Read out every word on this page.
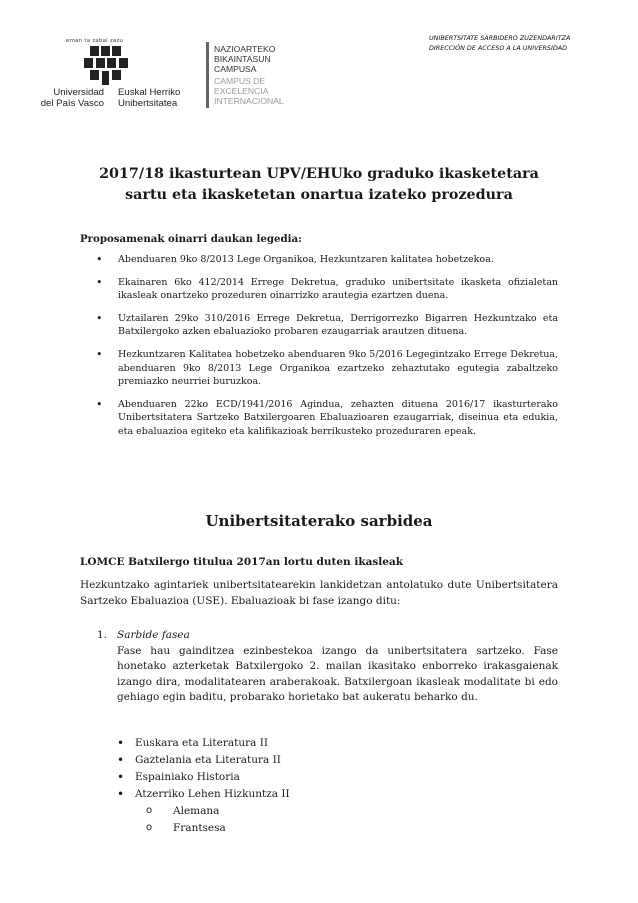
eman ta zabal zazu
Universidad
del País Vasco
Euskal Herriko
Unibertsitatea
NAZIOARTEKO
BIKAINTASUN
CAMPUSA
CAMPUS DE
EXCELENCIA
INTERNACIONAL
UNIBERTSITATE SARBIDERO ZUZENDARITZA
DIRECCIÓN DE ACCESO A LA UNIVERSIDAD
2017/18 ikasturtean UPV/EHUko graduko ikasketetara
sartu eta ikasketetan onartua izateko prozedura
Proposamenak oinarri daukan legedia:
• Abenduaren 9ko 8/2013 Lege Organikoa, Hezkuntzaren kalitatea hobetzekoa.
• Ekainaren 6ko 412/2014 Errege Dekretua, graduko unibertsitate ikasketa ofizialetan ikasleak onartzeko prozeduren oinarrizko arautegia ezartzen duena.
• Uztailaren 29ko 310/2016 Errege Dekretua, Derrigorrezko Bigarren Hezkuntzako eta Batxilergoko azken ebaluazioko probaren ezaugarriak arautzen dituena.
• Hezkuntzaren Kalitatea hobetzeko abenduaren 9ko 5/2016 Legegintzako Errege Dekretua, abenduaren 9ko 8/2013 Lege Organikoa ezartzeko zehaztutako egutegia zabaltzeko premiazko neurriei buruzkoa.
• Abenduaren 22ko ECD/1941/2016 Agindua, zehazten dituena 2016/17 ikasturterako Unibertsitatera Sartzeko Batxilergoaren Ebaluazioaren ezaugarriak, diseinua eta edukia, eta ebaluazioa egiteko eta kalifikazioak berrikusteko prozeduraren epeak.
Unibertsitaterako sarbidea
LOMCE Batxilergo titulua 2017an lortu duten ikasleak

Hezkuntzako agintariek unibertsitatearekin lankidetzan antolatuko dute Unibertsitatera Sartzeko Ebaluazioa (USE). Ebaluazioak bi fase izango ditu:

1. Sarbide fasea

Fase hau gainditzea ezinbestekoa izango da unibertsitatera sartzeko. Fase honetako azterketak Batxilergoko 2. mailan ikasitako enborreko irakasgaienak izango dira, modalitatearen araberakoak. Batxilergoan ikasleak modalitate bi edo gehiago egin baditu, probarako horietako bat aukeratu beharko du.

• Euskara eta Literatura II
• Gaztelania eta Literatura II
• Espainiako Historia
• Atzerriko Lehen Hizkuntza II
o Alemana
o Frantsesa
